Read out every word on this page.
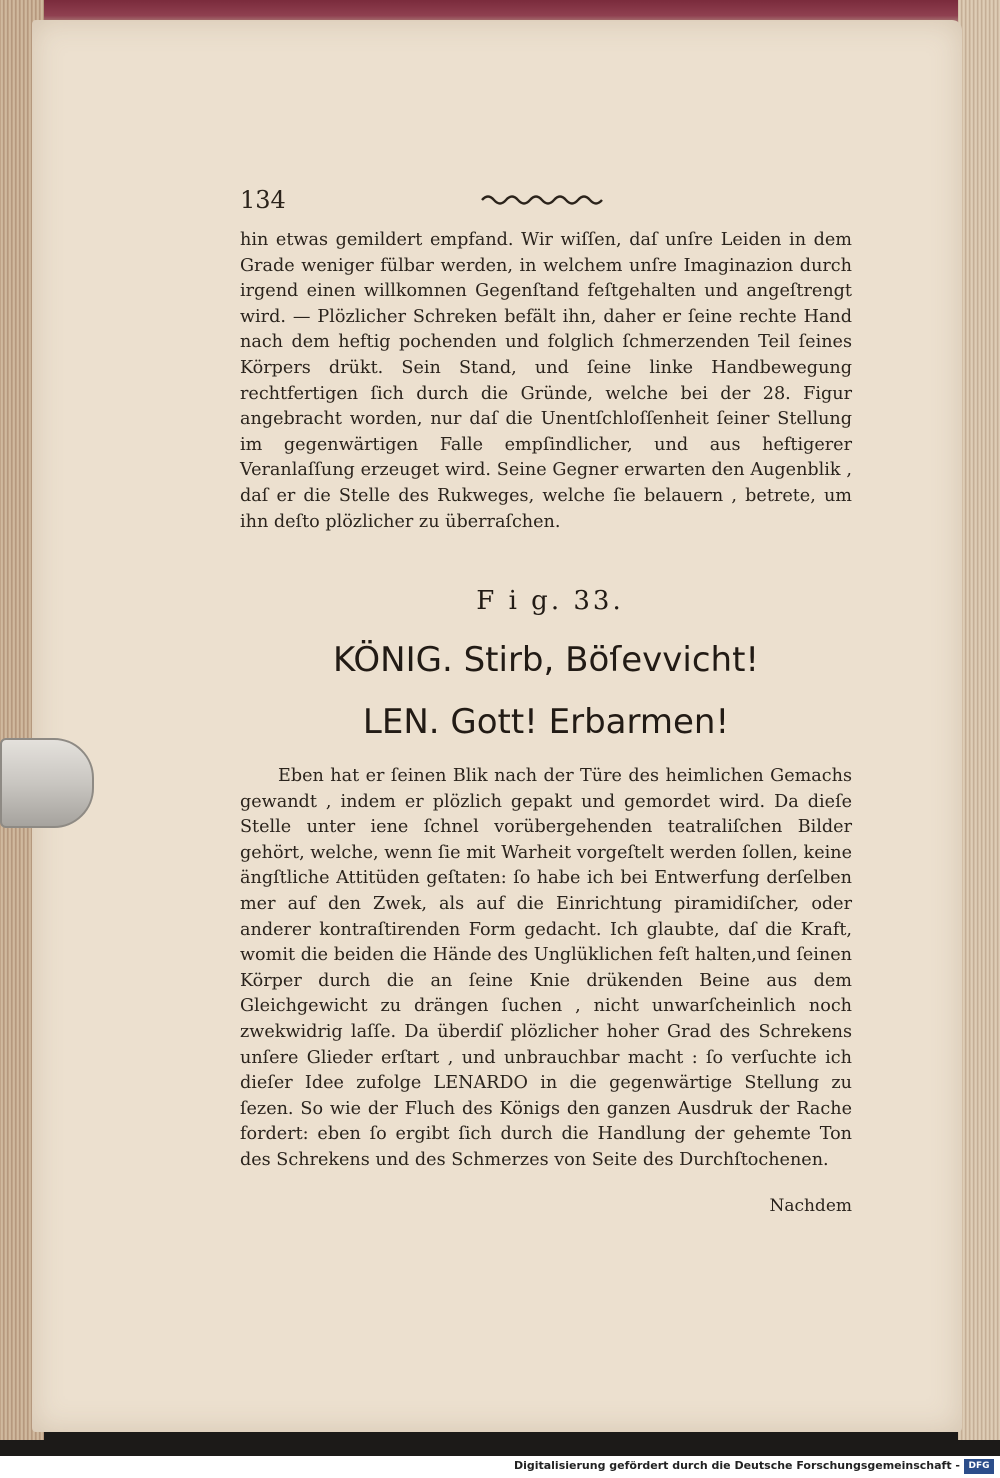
134

hin etwas gemildert empfand. Wir wiſſen, daſ unſre Leiden in dem Grade weniger fülbar werden, in welchem unſre Imaginazion durch irgend einen willkomnen Gegenſtand feſtgehalten und angeſtrengt wird. — Plözlicher Schreken befält ihn, daher er ſeine rechte Hand nach dem heftig pochenden und folglich ſchmerzenden Teil ſeines Körpers drükt. Sein Stand, und ſeine linke Handbewegung rechtfertigen ſich durch die Gründe, welche bei der 28. Figur angebracht worden, nur daſ die Unentſchloſſenheit ſeiner Stellung im gegenwärtigen Falle empſindlicher, und aus heftigerer Veranlaſſung erzeuget wird. Seine Gegner erwarten den Augenblik , daſ er die Stelle des Rukweges, welche ſie belauern , betrete, um ihn deſto plözlicher zu überraſchen.

F i g. 33.
KÖNIG. Stirb, Böſevvicht!
LEN. Gott! Erbarmen!

Eben hat er ſeinen Blik nach der Türe des heimlichen Gemachs gewandt , indem er plözlich gepakt und gemordet wird. Da dieſe Stelle unter iene ſchnel vorübergehenden teatraliſchen Bilder gehört, welche, wenn ſie mit Warheit vorgeſtelt werden ſollen, keine ängſtliche Attitüden geſtaten: ſo habe ich bei Entwerfung derſelben mer auf den Zwek, als auf die Einrichtung piramidiſcher, oder anderer kontraſtirenden Form gedacht. Ich glaubte, daſ die Kraft, womit die beiden die Hände des Unglüklichen feſt halten,und ſeinen Körper durch die an ſeine Knie drükenden Beine aus dem Gleichgewicht zu drängen ſuchen , nicht unwarſcheinlich noch zwekwidrig laſſe. Da überdiſ plözlicher hoher Grad des Schrekens unſere Glieder erſtart , und unbrauchbar macht : ſo verſuchte ich dieſer Idee zufolge LENARDO in die gegenwärtige Stellung zu ſezen. So wie der Fluch des Königs den ganzen Ausdruk der Rache fordert: eben ſo ergibt ſich durch die Handlung der gehemte Ton des Schrekens und des Schmerzes von Seite des Durchſtochenen.

Nachdem
Digitalisierung gefördert durch die Deutsche Forschungsgemeinschaft - DFG
